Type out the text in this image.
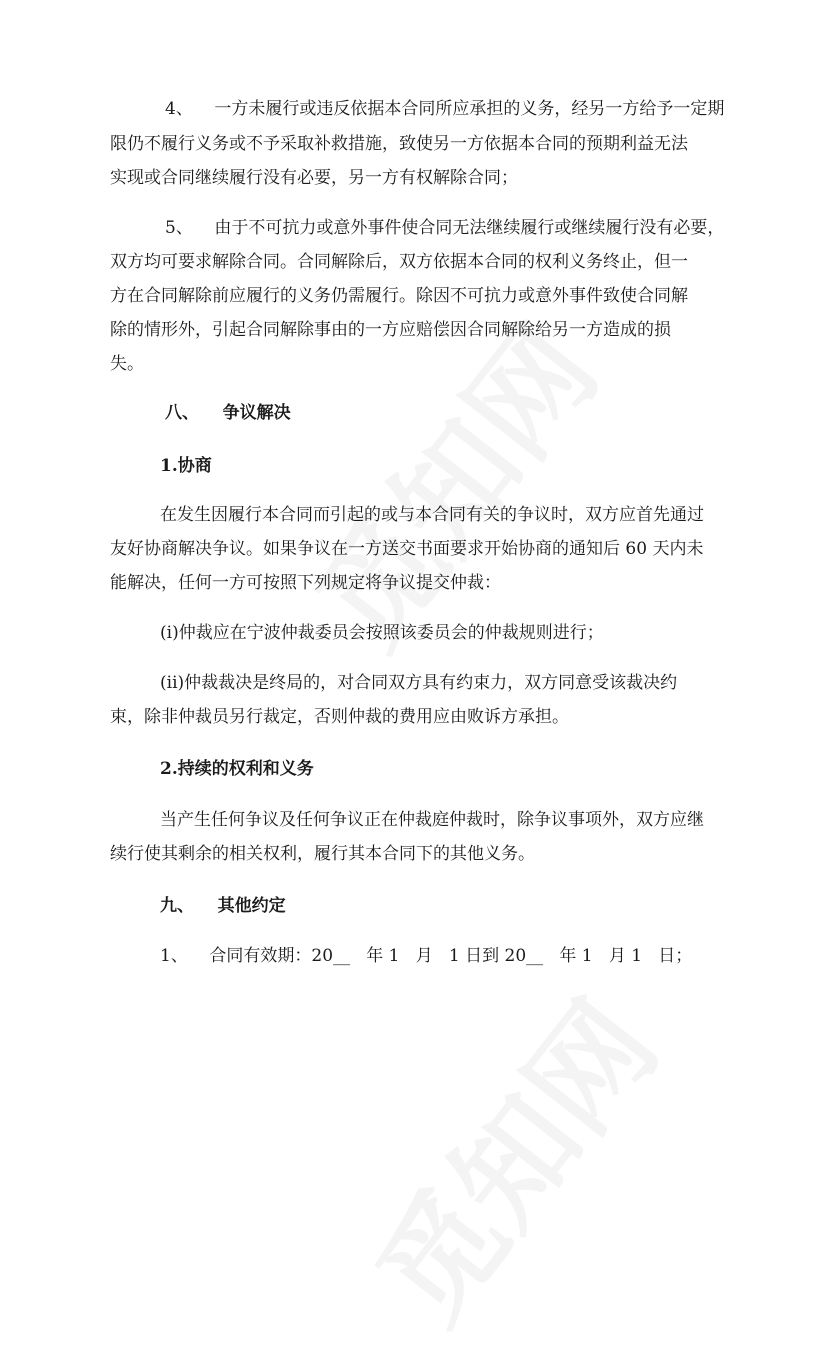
4、    一方未履行或违反依据本合同所应承担的义务，经另一方给予一定期
限仍不履行义务或不予采取补救措施，致使另一方依据本合同的预期利益无法
实现或合同继续履行没有必要，另一方有权解除合同；
5、    由于不可抗力或意外事件使合同无法继续履行或继续履行没有必要，
双方均可要求解除合同。合同解除后，双方依据本合同的权利义务终止，但一
方在合同解除前应履行的义务仍需履行。除因不可抗力或意外事件致使合同解
除的情形外，引起合同解除事由的一方应赔偿因合同解除给另一方造成的损
失。
八、    争议解决
1.协商
在发生因履行本合同而引起的或与本合同有关的争议时，双方应首先通过
友好协商解决争议。如果争议在一方送交书面要求开始协商的通知后 60 天内未
能解决，任何一方可按照下列规定将争议提交仲裁：
(i)仲裁应在宁波仲裁委员会按照该委员会的仲裁规则进行；
(ii)仲裁裁决是终局的，对合同双方具有约束力，双方同意受该裁决约
束，除非仲裁员另行裁定，否则仲裁的费用应由败诉方承担。
2.持续的权利和义务
当产生任何争议及任何争议正在仲裁庭仲裁时，除争议事项外，双方应继
续行使其剩余的相关权利，履行其本合同下的其他义务。
九、    其他约定
1、    合同有效期：20__   年 1   月   1 日到 20__   年 1   月 1   日；
